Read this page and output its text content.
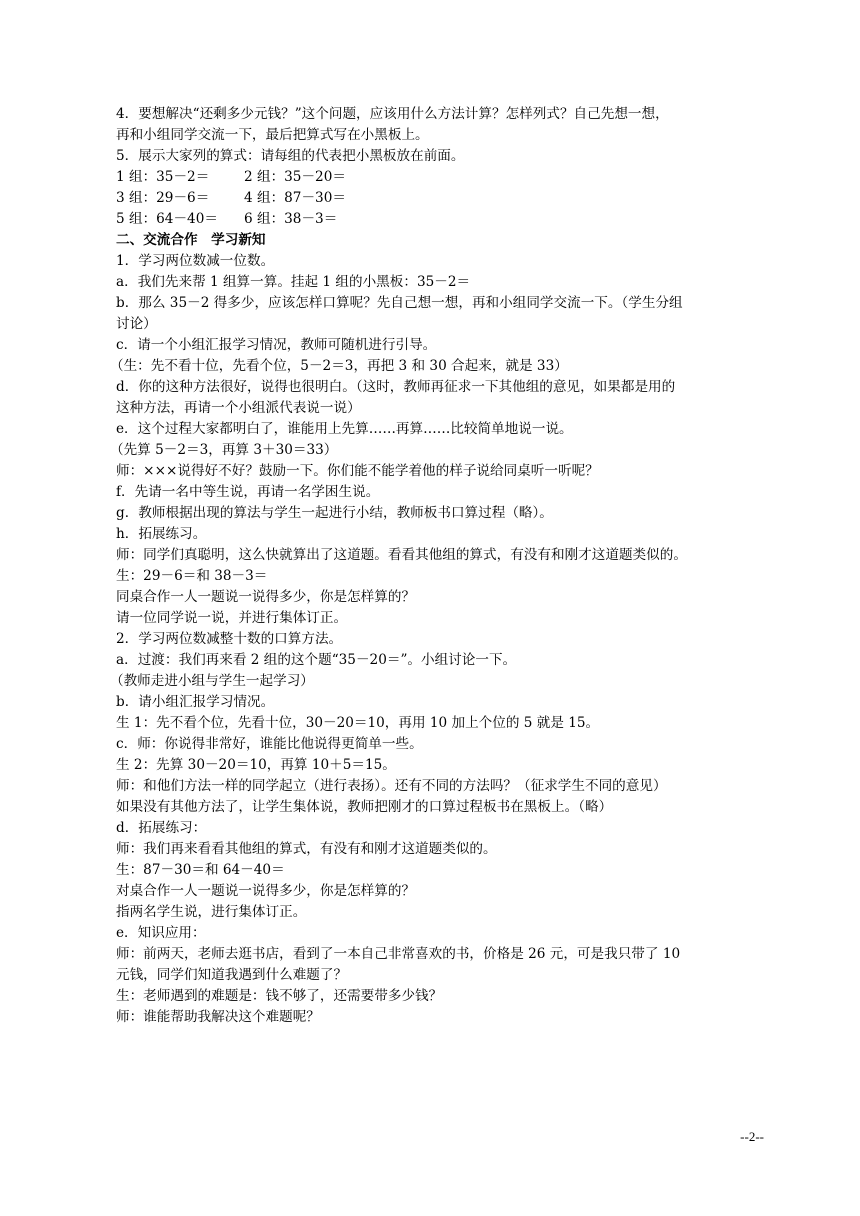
4．要想解决“还剩多少元钱？”这个问题，应该用什么方法计算？怎样列式？自己先想一想，
再和小组同学交流一下，最后把算式写在小黑板上。
5．展示大家列的算式：请每组的代表把小黑板放在前面。
1 组：35－2＝	2 组：35－20＝
3 组：29－6＝	4 组：87－30＝
5 组：64－40＝	6 组：38－3＝
二、交流合作　学习新知
1．学习两位数减一位数。
a．我们先来帮 1 组算一算。挂起 1 组的小黑板：35－2＝
b．那么 35－2 得多少，应该怎样口算呢？先自己想一想，再和小组同学交流一下。（学生分组
讨论）
c．请一个小组汇报学习情况，教师可随机进行引导。
（生：先不看十位，先看个位，5－2＝3，再把 3 和 30 合起来，就是 33）
d．你的这种方法很好，说得也很明白。（这时，教师再征求一下其他组的意见，如果都是用的
这种方法，再请一个小组派代表说一说）
e．这个过程大家都明白了，谁能用上先算……再算……比较简单地说一说。
（先算 5－2＝3，再算 3＋30＝33）
师：×××说得好不好？鼓励一下。你们能不能学着他的样子说给同桌听一听呢？
f．先请一名中等生说，再请一名学困生说。
g．教师根据出现的算法与学生一起进行小结，教师板书口算过程（略）。
h．拓展练习。
师：同学们真聪明，这么快就算出了这道题。看看其他组的算式，有没有和刚才这道题类似的。
生：29－6＝和 38－3＝
同桌合作一人一题说一说得多少，你是怎样算的？
请一位同学说一说，并进行集体订正。
2．学习两位数减整十数的口算方法。
a．过渡：我们再来看 2 组的这个题“35－20＝”。小组讨论一下。
（教师走进小组与学生一起学习）
b．请小组汇报学习情况。
生 1：先不看个位，先看十位，30－20＝10，再用 10 加上个位的 5 就是 15。
c．师：你说得非常好，谁能比他说得更简单一些。
生 2：先算 30－20＝10，再算 10＋5＝15。
师：和他们方法一样的同学起立（进行表扬）。还有不同的方法吗？（征求学生不同的意见）
如果没有其他方法了，让学生集体说，教师把刚才的口算过程板书在黑板上。（略）
d．拓展练习：
师：我们再来看看其他组的算式，有没有和刚才这道题类似的。
生：87－30＝和 64－40＝
对桌合作一人一题说一说得多少，你是怎样算的？
指两名学生说，进行集体订正。
e．知识应用：
师：前两天，老师去逛书店，看到了一本自己非常喜欢的书，价格是 26 元，可是我只带了 10
元钱，同学们知道我遇到什么难题了？
生：老师遇到的难题是：钱不够了，还需要带多少钱？
师：谁能帮助我解决这个难题呢？
--2--
